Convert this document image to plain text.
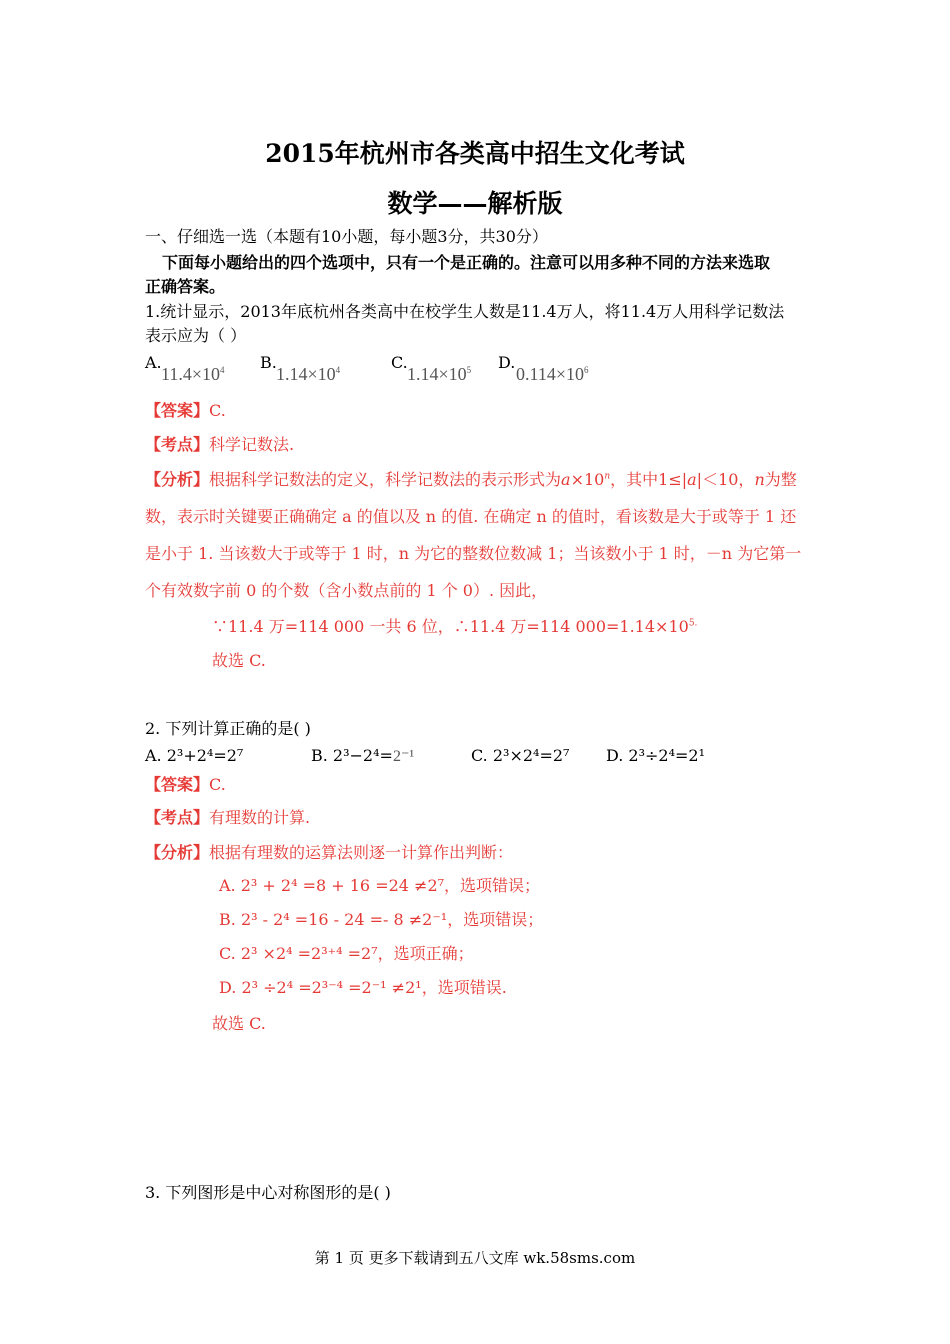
2015年杭州市各类高中招生文化考试
数学——解析版
一、仔细选一选（本题有10小题，每小题3分，共30分）
下面每小题给出的四个选项中，只有一个是正确的。注意可以用多种不同的方法来选取
正确答案。
1.统计显示，2013年底杭州各类高中在校学生人数是11.4万人，将11.4万人用科学记数法
表示应为（ ）
A.
$11.4\times 10^4$ B.
$1.14\times 10^4$	C.
$1.14\times 10^5$ D.
$0.114\times 10^6$
【答案】C.
【考点】科学记数法.
【分析】根据科学记数法的定义，科学记数法的表示形式为$a\times 10^n$，其中1≤|a|＜10，n为整
数，表示时关键要正确确定 a 的值以及 n 的值. 在确定 n 的值时，看该数是大于或等于 1 还
是小于 1. 当该数大于或等于 1 时，n 为它的整数位数减 1；当该数小于 1 时，－n 为它第一
个有效数字前 0 的个数（含小数点前的 1 个 0）. 因此，
∵11.4 万=114 000 一共 6 位，∴11.4 万=114 $000=1.14\times 10^{5.}$
故选 C.
2. 下列计算正确的是( )
A. 2³+2⁴=2⁷	B. 2³−2⁴=2⁻¹	C. 2³×2⁴=2⁷ D. 2³÷2⁴=2¹
【答案】C.
【考点】有理数的计算.
【分析】根据有理数的运算法则逐一计算作出判断：
A. 2³ + 2⁴ =8 + 16 =24 ≠2⁷，选项错误；
B. 2³ - 2⁴ =16 - 24 =- 8 ≠2⁻¹，选项错误；
C. 2³ ×2⁴ =2³⁺⁴ =2⁷，选项正确；
D. 2³ ÷2⁴ =2³⁻⁴ =2⁻¹ ≠2¹，选项错误.
故选 C.
3. 下列图形是中心对称图形的是( )
第 1 页 更多下载请到五八文库 wk.58sms.com
